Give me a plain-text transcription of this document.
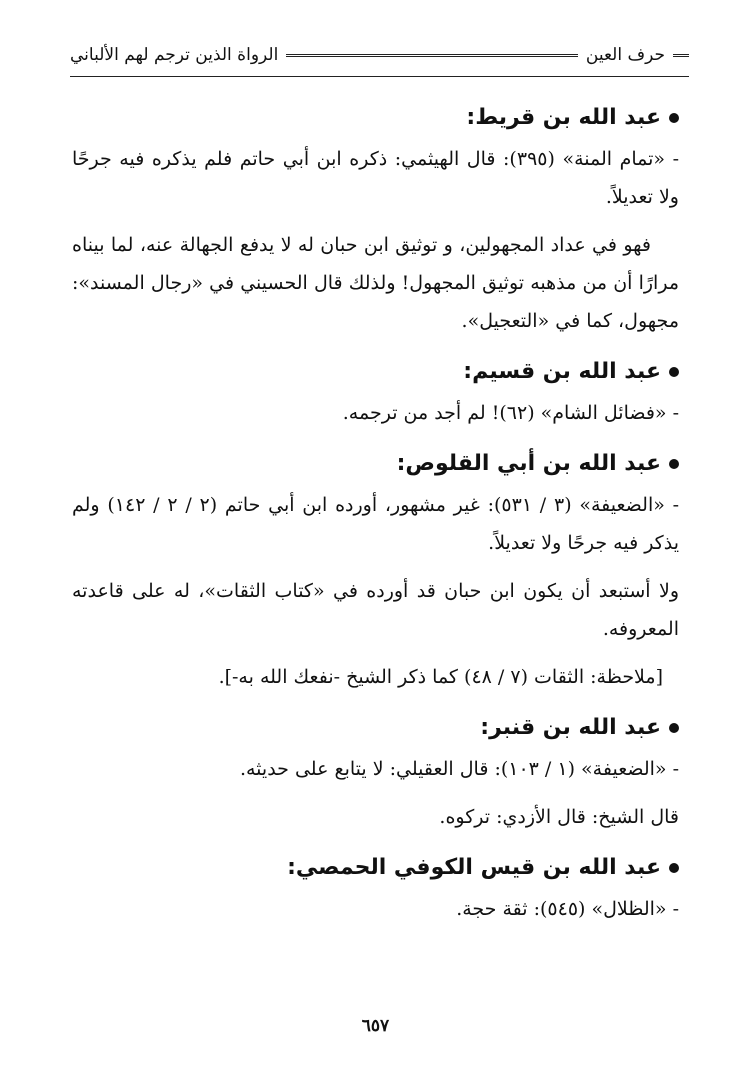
حرف العين
الرواة الذين ترجم لهم الألباني
عبد الله بن قريط:

- «تمام المنة» (٣٩٥): قال الهيثمي: ذكره ابن أبي حاتم فلم يذكره فيه جرحًا ولا تعديلاً.

فهو في عداد المجهولين، و توثيق ابن حبان له لا يدفع الجهالة عنه، لما بيناه مرارًا أن من مذهبه توثيق المجهول! ولذلك قال الحسيني في «رجال المسند»: مجهول، كما في «التعجيل».

عبد الله بن قسيم:

- «فضائل الشام» (٦٢)! لم أجد من ترجمه.

عبد الله بن أبي القلوص:

- «الضعيفة» (٣ / ٥٣١): غير مشهور، أورده ابن أبي حاتم (٢ / ٢ / ١٤٢) ولم يذكر فيه جرحًا ولا تعديلاً.

ولا أستبعد أن يكون ابن حبان قد أورده في «كتاب الثقات»، له على قاعدته المعروفه.

[ملاحظة: الثقات (٧ / ٤٨) كما ذكر الشيخ -نفعك الله به-].

عبد الله بن قنبر:

- «الضعيفة» (١ / ١٠٣): قال العقيلي: لا يتابع على حديثه.

قال الشيخ: قال الأزدي: تركوه.

عبد الله بن قيس الكوفي الحمصي:

- «الظلال» (٥٤٥): ثقة حجة.

٦٥٧
